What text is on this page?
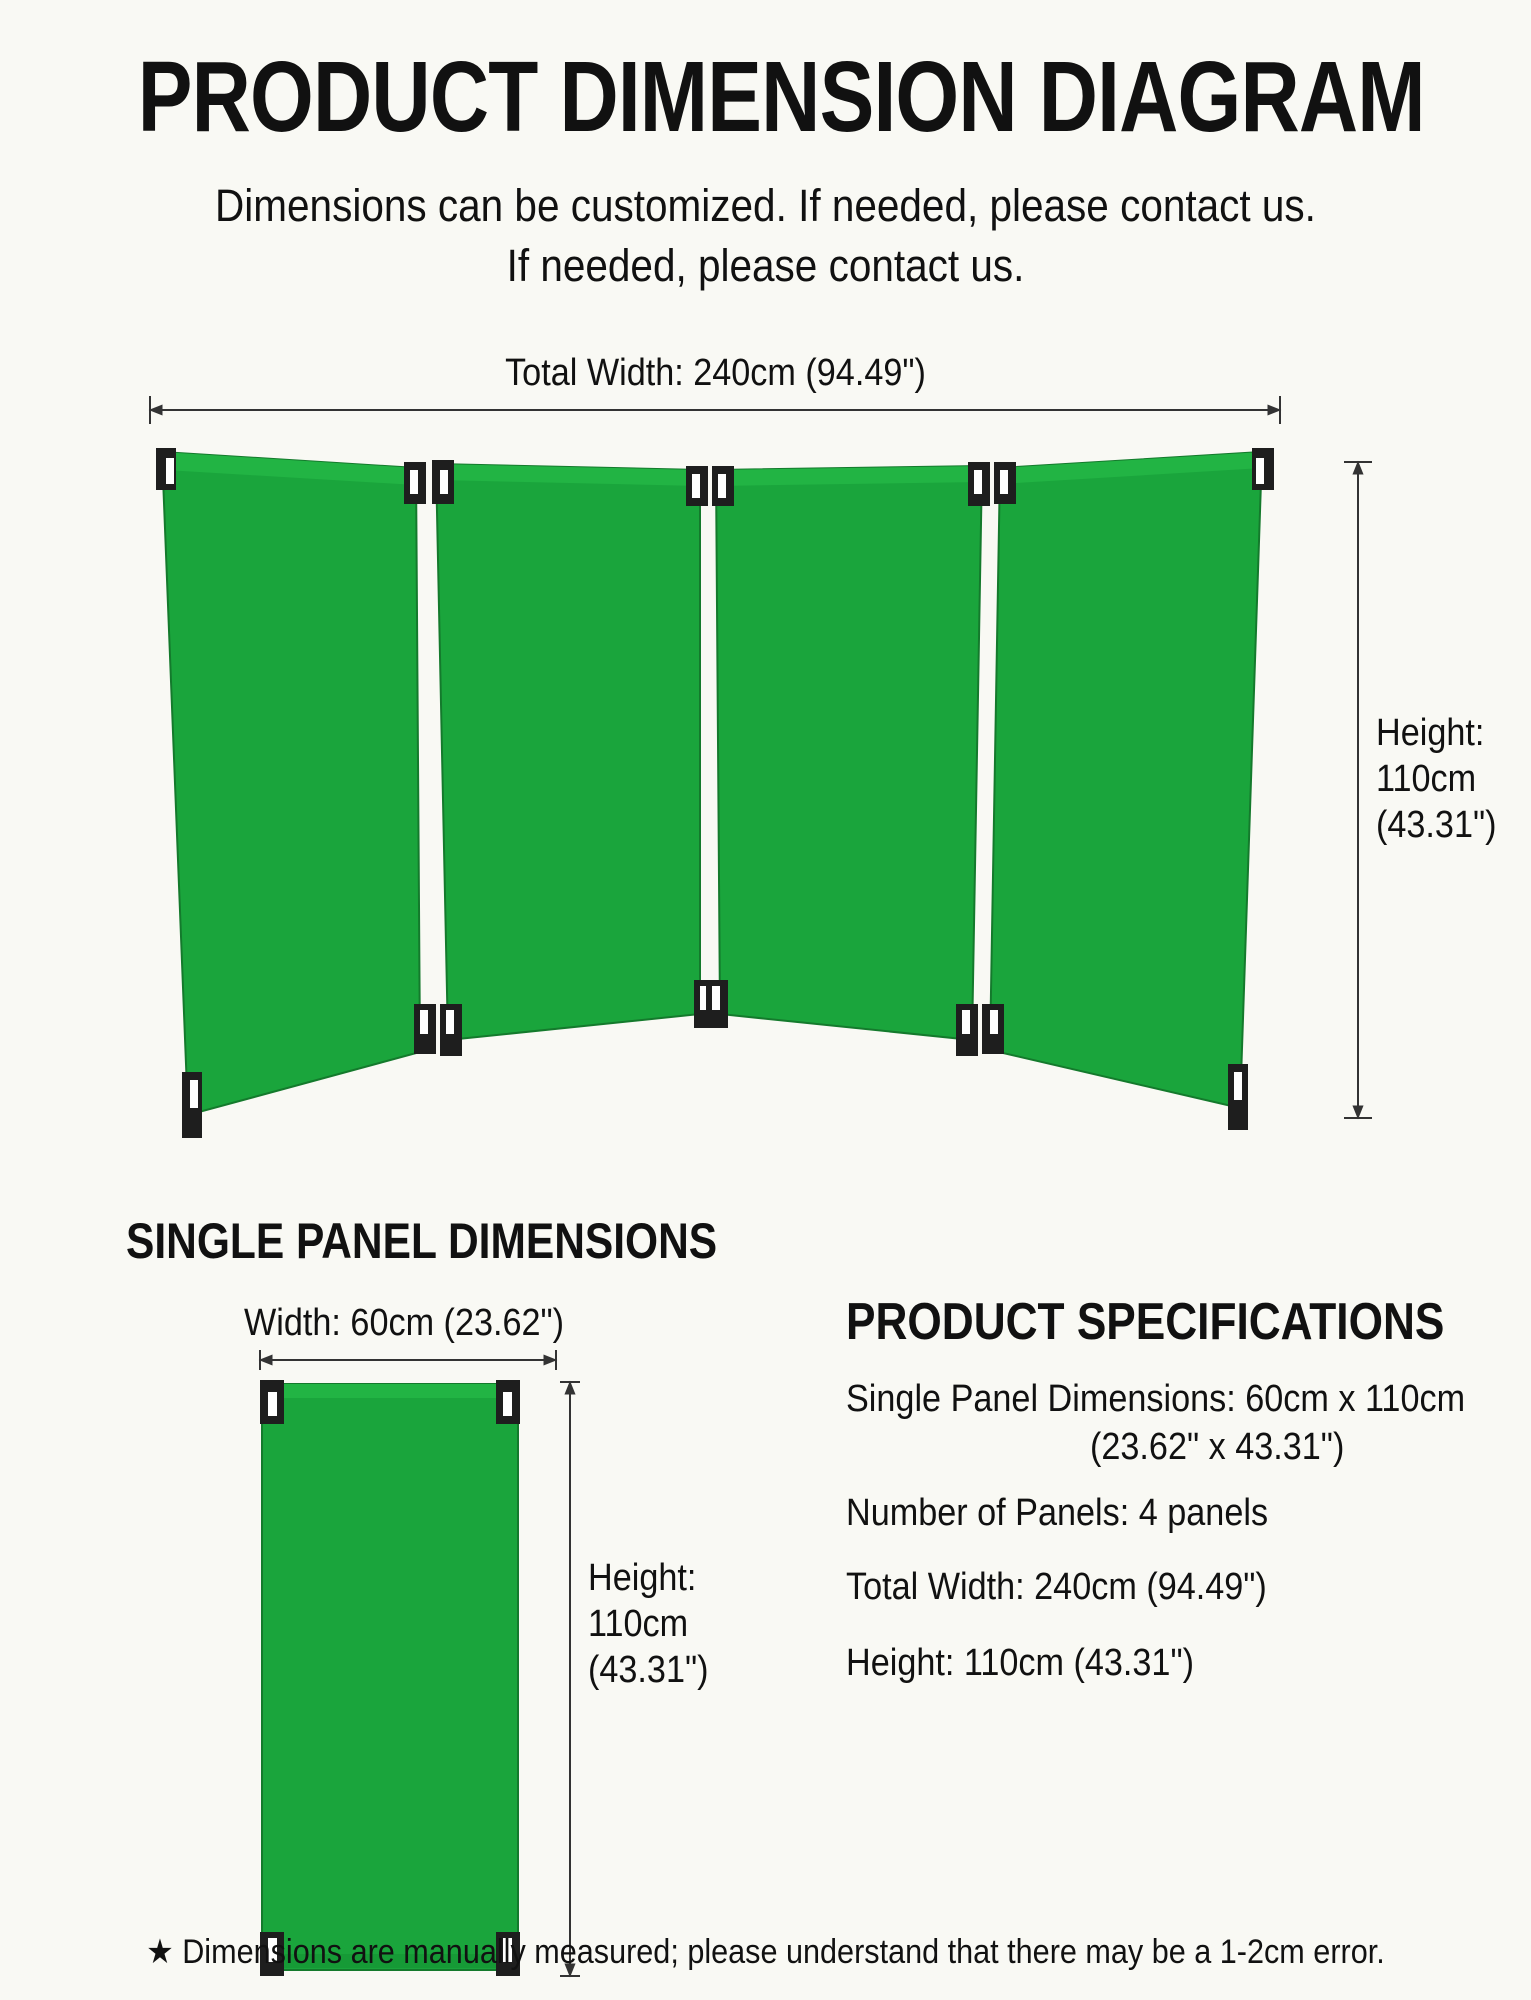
PRODUCT DIMENSION DIAGRAM
Dimensions can be customized. If needed, please contact us.
If needed, please contact us.
Total Width: 240cm (94.49")
Height:
110cm
(43.31")
SINGLE PANEL DIMENSIONS
Width: 60cm (23.62")
Height:
110cm
(43.31")
PRODUCT SPECIFICATIONS
Single Panel Dimensions: 60cm x 110cm
(23.62" x 43.31")
Number of Panels: 4 panels
Total Width: 240cm (94.49")
Height: 110cm (43.31")
★ Dimensions are manually measured; please understand that there may be a 1-2cm error.
